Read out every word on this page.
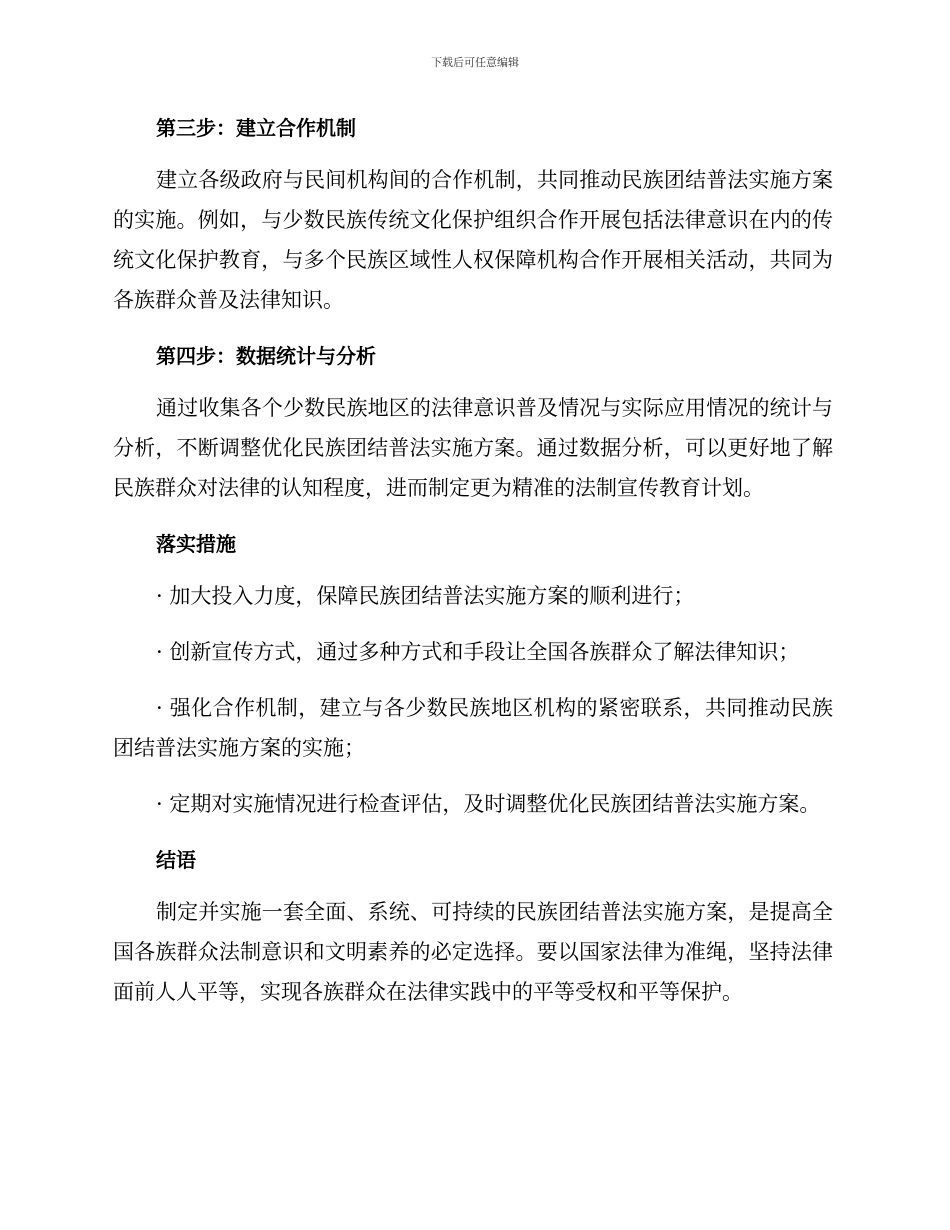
下载后可任意编辑
第三步：建立合作机制
建立各级政府与民间机构间的合作机制，共同推动民族团结普法实施方案的实施。例如，与少数民族传统文化保护组织合作开展包括法律意识在内的传统文化保护教育，与多个民族区域性人权保障机构合作开展相关活动，共同为各族群众普及法律知识。
第四步：数据统计与分析
通过收集各个少数民族地区的法律意识普及情况与实际应用情况的统计与分析，不断调整优化民族团结普法实施方案。通过数据分析，可以更好地了解民族群众对法律的认知程度，进而制定更为精准的法制宣传教育计划。
落实措施
· 加大投入力度，保障民族团结普法实施方案的顺利进行；
· 创新宣传方式，通过多种方式和手段让全国各族群众了解法律知识；
· 强化合作机制，建立与各少数民族地区机构的紧密联系，共同推动民族团结普法实施方案的实施；
· 定期对实施情况进行检查评估，及时调整优化民族团结普法实施方案。
结语
制定并实施一套全面、系统、可持续的民族团结普法实施方案，是提高全国各族群众法制意识和文明素养的必定选择。要以国家法律为准绳，坚持法律面前人人平等，实现各族群众在法律实践中的平等受权和平等保护。
